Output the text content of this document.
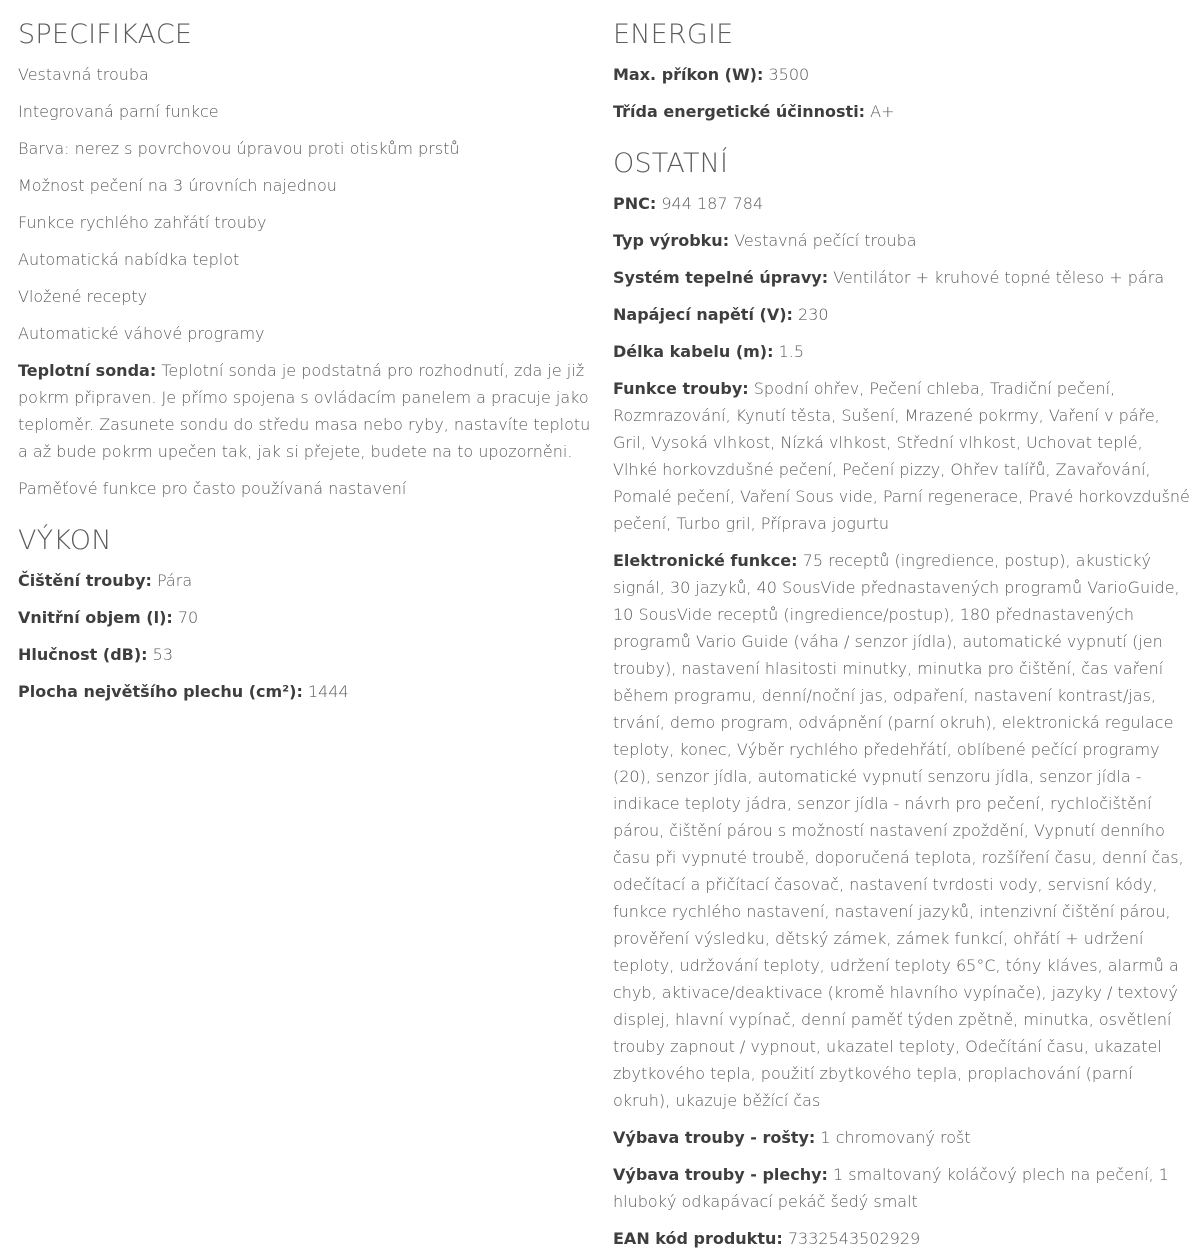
SPECIFIKACE
Vestavná trouba
Integrovaná parní funkce
Barva: nerez s povrchovou úpravou proti otiskům prstů
Možnost pečení na 3 úrovních najednou
Funkce rychlého zahřátí trouby
Automatická nabídka teplot
Vložené recepty
Automatické váhové programy
Teplotní sonda: Teplotní sonda je podstatná pro rozhodnutí, zda je již pokrm připraven. Je přímo spojena s ovládacím panelem a pracuje jako teploměr. Zasunete sondu do středu masa nebo ryby, nastavíte teplotu a až bude pokrm upečen tak, jak si přejete, budete na to upozorněni.
Paměťové funkce pro často používaná nastavení
VÝKON
Čištění trouby: Pára
Vnitřní objem (l): 70
Hlučnost (dB): 53
Plocha největšího plechu (cm²): 1444
ENERGIE
Max. příkon (W): 3500
Třída energetické účinnosti: A+
OSTATNÍ
PNC: 944 187 784
Typ výrobku: Vestavná pečící trouba
Systém tepelné úpravy: Ventilátor + kruhové topné těleso + pára
Napájecí napětí (V): 230
Délka kabelu (m): 1.5
Funkce trouby: Spodní ohřev, Pečení chleba, Tradiční pečení, Rozmrazování, Kynutí těsta, Sušení, Mrazené pokrmy, Vaření v páře, Gril, Vysoká vlhkost, Nízká vlhkost, Střední vlhkost, Uchovat teplé, Vlhké horkovzdušné pečení, Pečení pizzy, Ohřev talířů, Zavařování, Pomalé pečení, Vaření Sous vide, Parní regenerace, Pravé horkovzdušné pečení, Turbo gril, Příprava jogurtu
Elektronické funkce: 75 receptů (ingredience, postup), akustický signál, 30 jazyků, 40 SousVide přednastavených programů VarioGuide, 10 SousVide receptů (ingredience/postup), 180 přednastavených programů Vario Guide (váha / senzor jídla), automatické vypnutí (jen trouby), nastavení hlasitosti minutky, minutka pro čištění, čas vaření během programu, denní/noční jas, odpaření, nastavení kontrast/jas, trvání, demo program, odvápnění (parní okruh), elektronická regulace teploty, konec, Výběr rychlého předehřátí, oblíbené pečící programy (20), senzor jídla, automatické vypnutí senzoru jídla, senzor jídla - indikace teploty jádra, senzor jídla - návrh pro pečení, rychločištění párou, čištění párou s možností nastavení zpoždění, Vypnutí denního času při vypnuté troubě, doporučená teplota, rozšíření času, denní čas, odečítací a přičítací časovač, nastavení tvrdosti vody, servisní kódy, funkce rychlého nastavení, nastavení jazyků, intenzivní čištění párou, prověření výsledku, dětský zámek, zámek funkcí, ohřátí + udržení teploty, udržování teploty, udržení teploty 65°C, tóny kláves, alarmů a chyb, aktivace/deaktivace (kromě hlavního vypínače), jazyky / textový displej, hlavní vypínač, denní paměť týden zpětně, minutka, osvětlení trouby zapnout / vypnout, ukazatel teploty, Odečítání času, ukazatel zbytkového tepla, použití zbytkového tepla, proplachování (parní okruh), ukazuje běžící čas
Výbava trouby - rošty: 1 chromovaný rošt
Výbava trouby - plechy: 1 smaltovaný koláčový plech na pečení, 1 hluboký odkapávací pekáč šedý smalt
EAN kód produktu: 7332543502929
